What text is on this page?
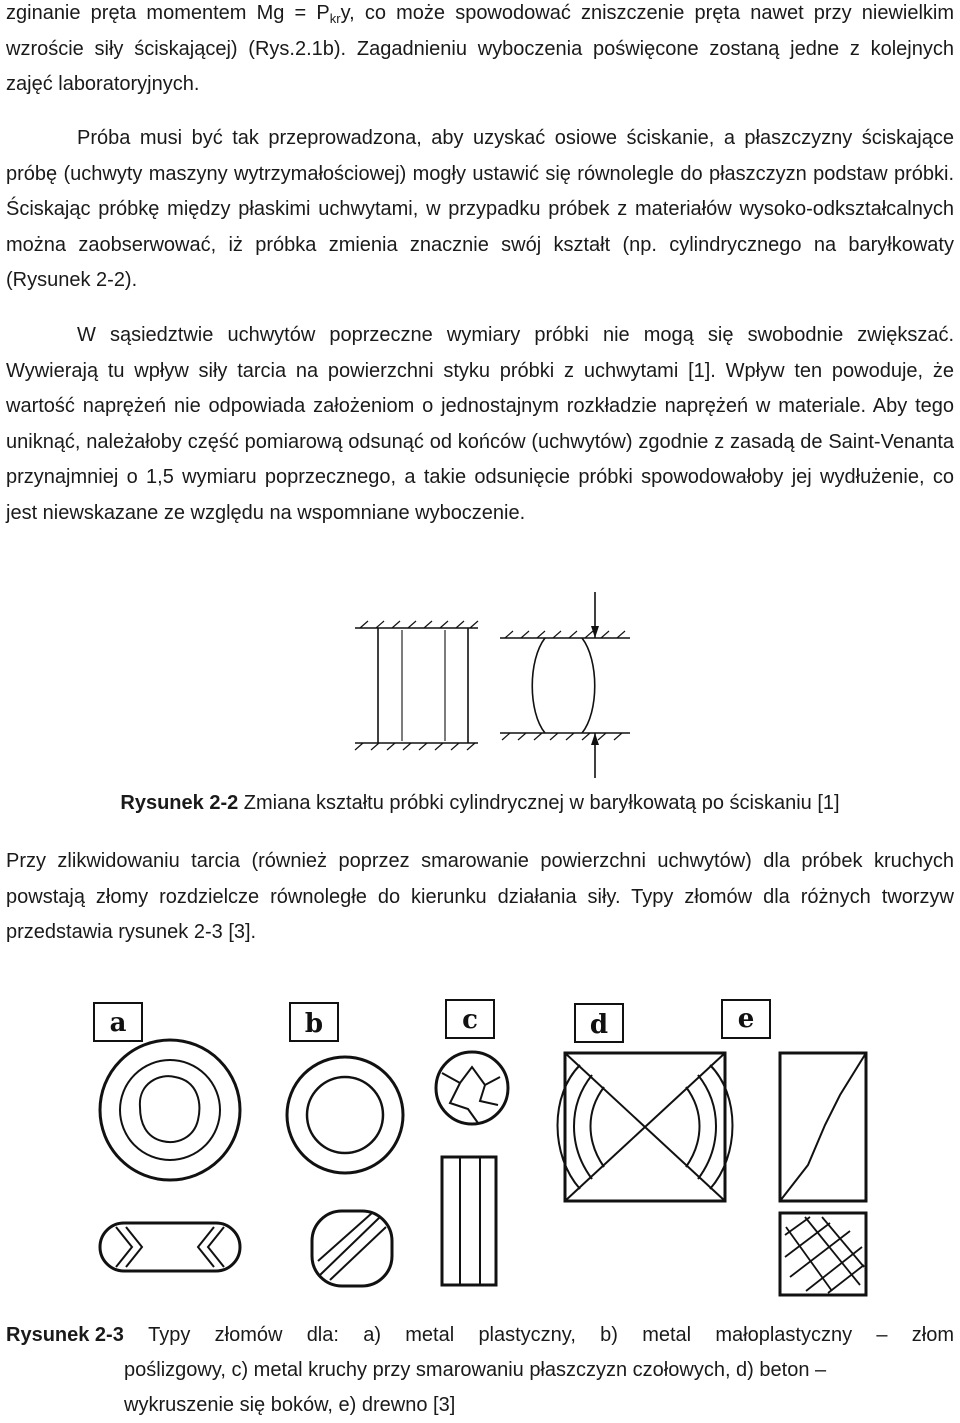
zginanie pręta momentem $Mg = P_{kr}y$, co może spowodować zniszczenie pręta nawet przy niewielkim wzroście siły ściskającej) (Rys.2.1b). Zagadnieniu wyboczenia poświęcone zostaną jedne z kolejnych zajęć laboratoryjnych.

Próba musi być tak przeprowadzona, aby uzyskać osiowe ściskanie, a płaszczyzny ściskające próbę (uchwyty maszyny wytrzymałościowej) mogły ustawić się równolegle do płaszczyzn podstaw próbki. Ściskając próbkę między płaskimi uchwytami, w przypadku próbek z materiałów wysoko-odkształcalnych można zaobserwować, iż próbka zmienia znacznie swój kształt (np. cylindrycznego na baryłkowaty (Rysunek 2-2).

W sąsiedztwie uchwytów poprzeczne wymiary próbki nie mogą się swobodnie zwiększać. Wywierają tu wpływ siły tarcia na powierzchni styku próbki z uchwytami [1]. Wpływ ten powoduje, że wartość naprężeń nie odpowiada założeniom o jednostajnym rozkładzie naprężeń w materiale. Aby tego uniknąć, należałoby część pomiarową odsunąć od końców (uchwytów) zgodnie z zasadą de Saint-Venanta przynajmniej o 1,5 wymiaru poprzecznego, a takie odsunięcie próbki spowodowałoby jej wydłużenie, co jest niewskazane ze względu na wspomniane wyboczenie.

Rysunek 2-2 Zmiana kształtu próbki cylindrycznej w baryłkowatą po ściskaniu [1]

Przy zlikwidowaniu tarcia (również poprzez smarowanie powierzchni uchwytów) dla próbek kruchych powstają złomy rozdzielcze równoległe do kierunku działania siły. Typy złomów dla różnych tworzyw przedstawia rysunek 2-3 [3].

a	b	c	d	e
Rysunek 2-3 Typy złomów dla: a) metal plastyczny, b) metal małoplastyczny – złom
poślizgowy, c) metal kruchy przy smarowaniu płaszczyzn czołowych, d) beton –
wykruszenie się boków, e) drewno [3]
